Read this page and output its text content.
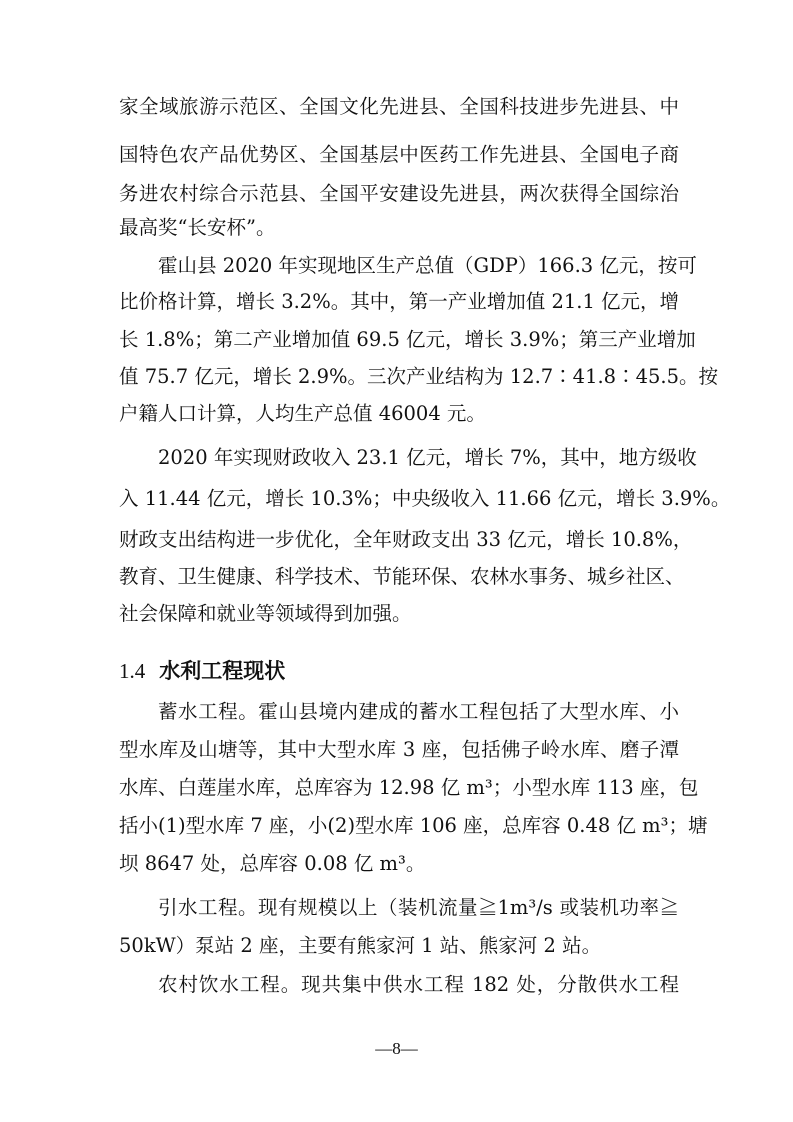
家全域旅游示范区、全国文化先进县、全国科技进步先进县、中
国特色农产品优势区、全国基层中医药工作先进县、全国电子商
务进农村综合示范县、全国平安建设先进县，两次获得全国综治
最高奖“长安杯”。
霍山县 2020 年实现地区生产总值（GDP）166.3 亿元，按可
比价格计算，增长 3.2%。其中，第一产业增加值 21.1 亿元，增
长 1.8%；第二产业增加值 69.5 亿元，增长 3.9%；第三产业增加
值 75.7 亿元，增长 2.9%。三次产业结构为 12.7∶41.8∶45.5。按
户籍人口计算，人均生产总值 46004 元。
2020 年实现财政收入 23.1 亿元，增长 7%，其中，地方级收
入 11.44 亿元，增长 10.3%；中央级收入 11.66 亿元，增长 3.9%。
财政支出结构进一步优化，全年财政支出 33 亿元，增长 10.8%，
教育、卫生健康、科学技术、节能环保、农林水事务、城乡社区、
社会保障和就业等领域得到加强。
1.4 水利工程现状
蓄水工程。霍山县境内建成的蓄水工程包括了大型水库、小
型水库及山塘等，其中大型水库 3 座，包括佛子岭水库、磨子潭
水库、白莲崖水库，总库容为 12.98 亿 m³；小型水库 113 座，包
括小(1)型水库 7 座，小(2)型水库 106 座，总库容 0.48 亿 m³；塘
坝 8647 处，总库容 0.08 亿 m³。
引水工程。现有规模以上（装机流量≧1m³/s 或装机功率≧
50kW）泵站 2 座，主要有熊家河 1 站、熊家河 2 站。
农村饮水工程。现共集中供水工程 182 处，分散供水工程
—8—
